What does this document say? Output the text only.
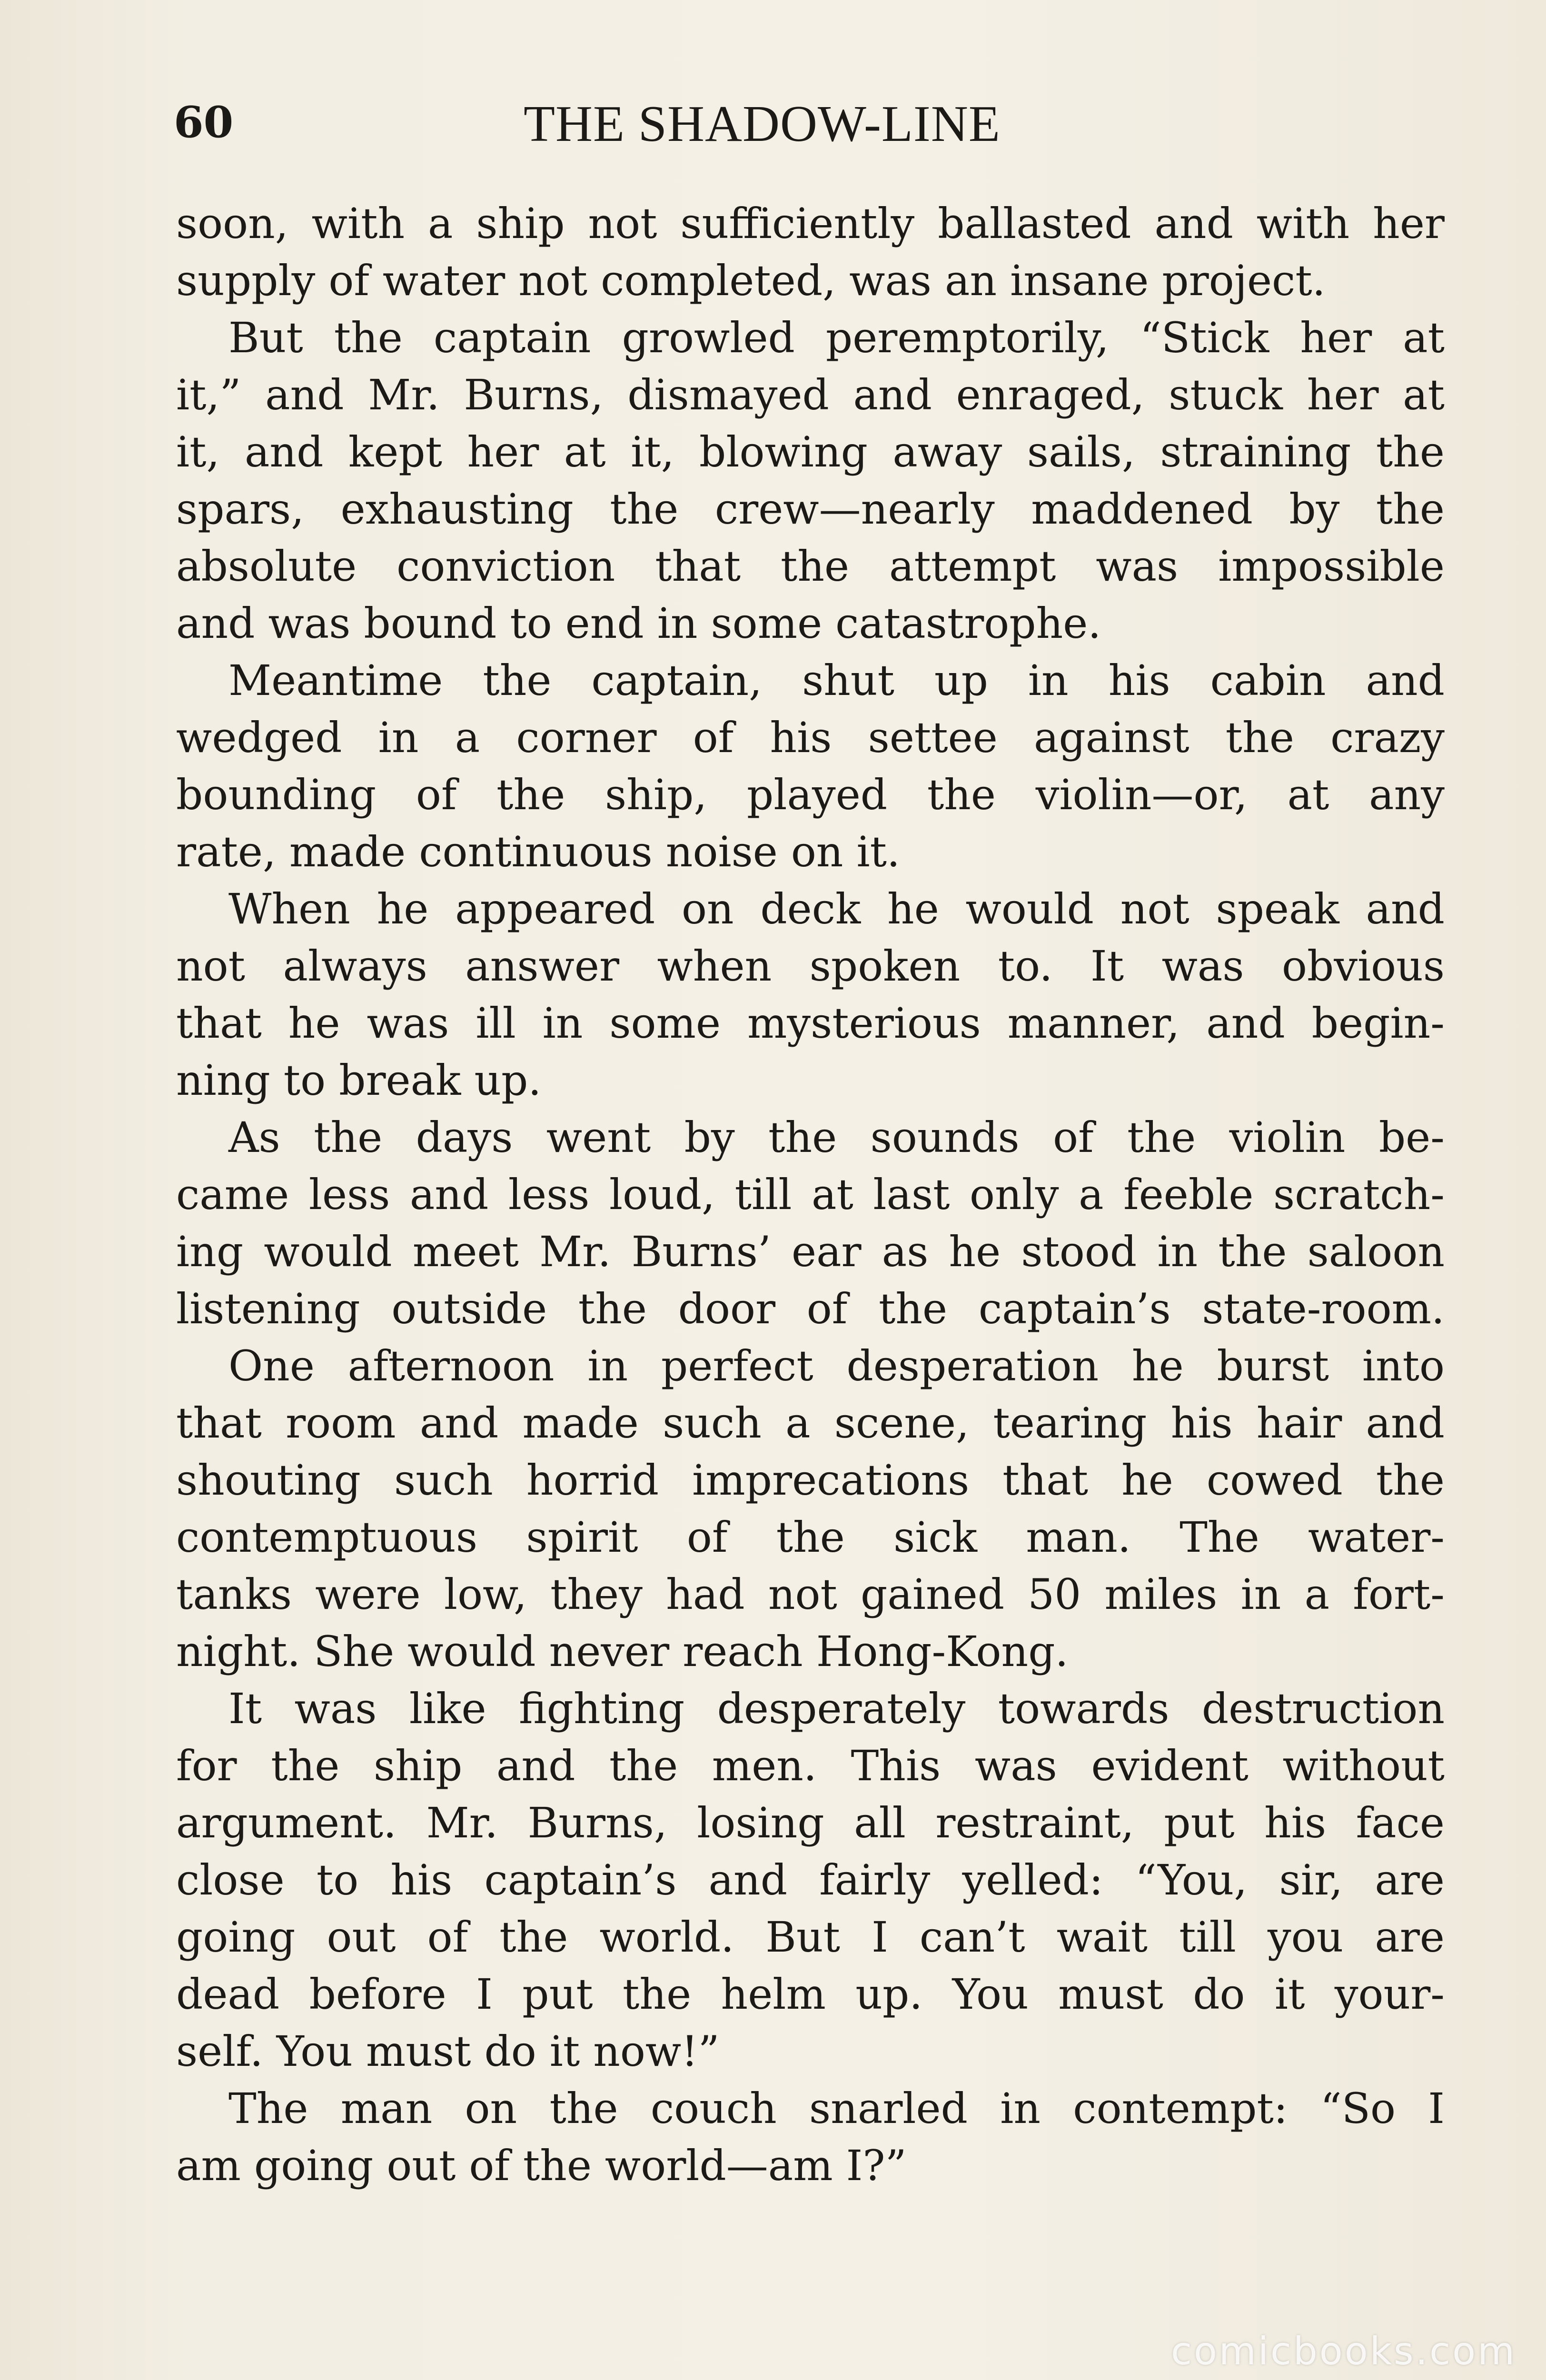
60	THE SHADOW-LINE
soon, with a ship not sufficiently ballasted and with her
supply of water not completed, was an insane project.
But the captain growled peremptorily, “Stick her at
it,” and Mr. Burns, dismayed and enraged, stuck her at
it, and kept her at it, blowing away sails, straining the
spars, exhausting the crew—nearly maddened by the
absolute conviction that the attempt was impossible
and was bound to end in some catastrophe.
Meantime the captain, shut up in his cabin and
wedged in a corner of his settee against the crazy
bounding of the ship, played the violin—or, at any
rate, made continuous noise on it.
When he appeared on deck he would not speak and
not always answer when spoken to. It was obvious
that he was ill in some mysterious manner, and begin-
ning to break up.
As the days went by the sounds of the violin be-
came less and less loud, till at last only a feeble scratch-
ing would meet Mr. Burns’ ear as he stood in the saloon
listening outside the door of the captain’s state-room.
One afternoon in perfect desperation he burst into
that room and made such a scene, tearing his hair and
shouting such horrid imprecations that he cowed the
contemptuous spirit of the sick man. The water-
tanks were low, they had not gained 50 miles in a fort-
night. She would never reach Hong-Kong.
It was like fighting desperately towards destruction
for the ship and the men. This was evident without
argument. Mr. Burns, losing all restraint, put his face
close to his captain’s and fairly yelled: “You, sir, are
going out of the world. But I can’t wait till you are
dead before I put the helm up. You must do it your-
self. You must do it now!”
The man on the couch snarled in contempt: “So I
am going out of the world—am I?”
comicbooks.com
